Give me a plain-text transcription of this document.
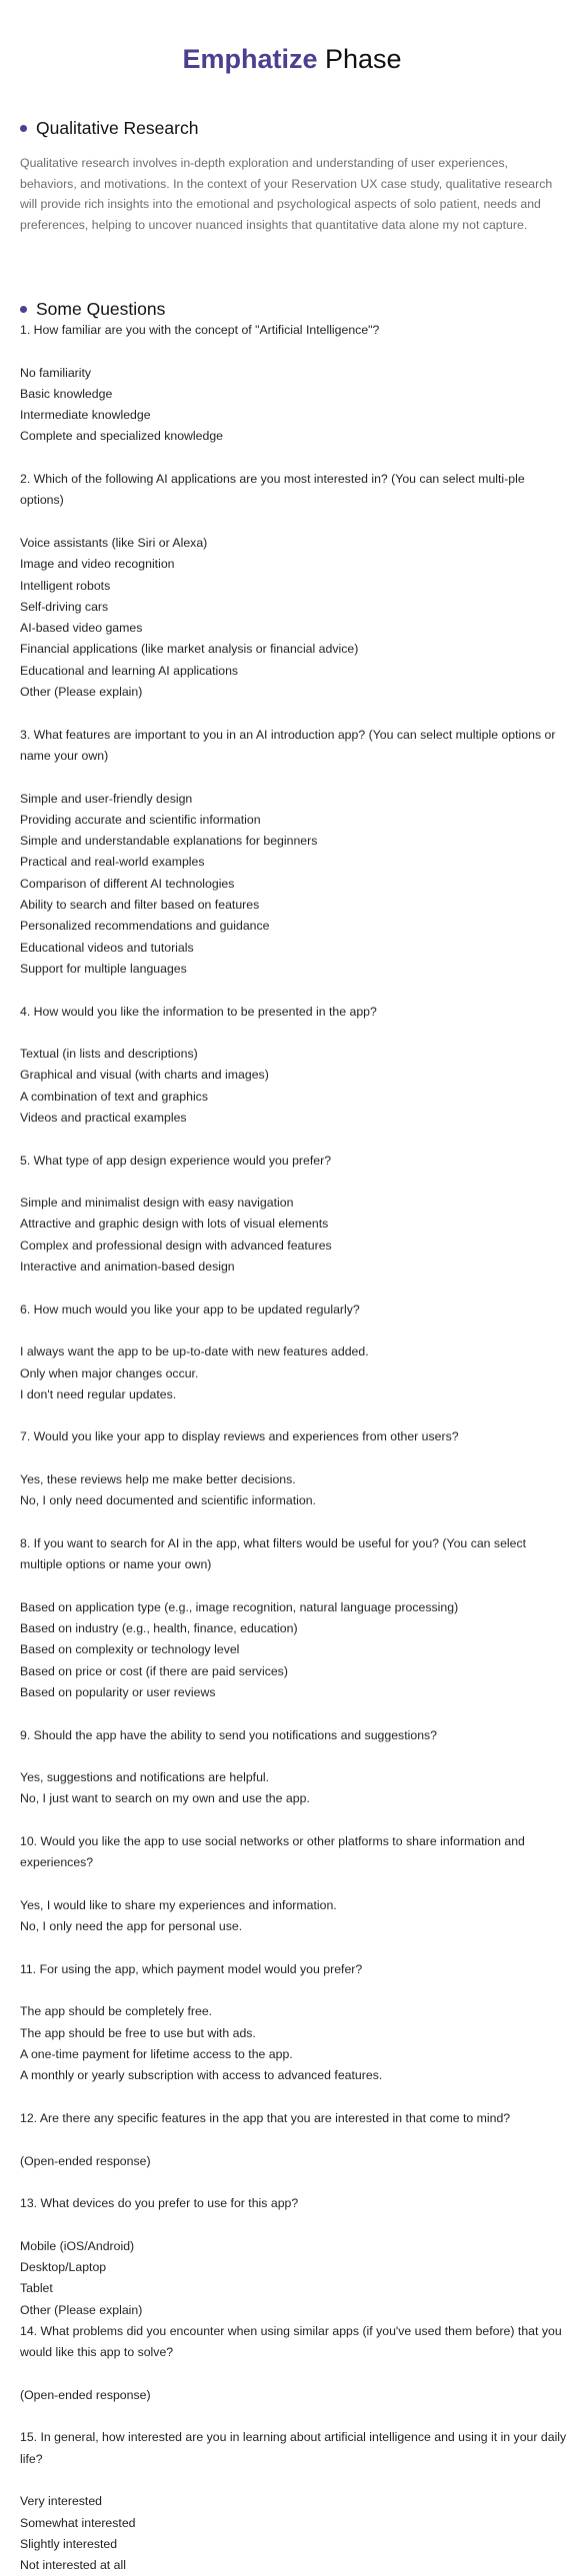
Emphatize Phase
Qualitative Research

Qualitative research involves in-depth exploration and understanding of user experiences, behaviors, and motivations. In the context of your Reservation UX case study, qualitative research will provide rich insights into the emotional and psychological aspects of solo patient, needs and preferences, helping to uncover nuanced insights that quantitative data alone my not capture.

Some Questions
1. How familiar are you with the concept of "Artificial Intelligence"?
No familiarity
Basic knowledge
Intermediate knowledge
Complete and specialized knowledge
2. Which of the following AI applications are you most interested in? (You can select multi-ple options)
Voice assistants (like Siri or Alexa)
Image and video recognition
Intelligent robots
Self-driving cars
AI-based video games
Financial applications (like market analysis or financial advice)
Educational and learning AI applications
Other (Please explain)
3. What features are important to you in an AI introduction app? (You can select multiple options or name your own)
Simple and user-friendly design
Providing accurate and scientific information
Simple and understandable explanations for beginners
Practical and real-world examples
Comparison of different AI technologies
Ability to search and filter based on features
Personalized recommendations and guidance
Educational videos and tutorials
Support for multiple languages
4. How would you like the information to be presented in the app?
Textual (in lists and descriptions)
Graphical and visual (with charts and images)
A combination of text and graphics
Videos and practical examples
5. What type of app design experience would you prefer?
Simple and minimalist design with easy navigation
Attractive and graphic design with lots of visual elements
Complex and professional design with advanced features
Interactive and animation-based design
6. How much would you like your app to be updated regularly?
I always want the app to be up-to-date with new features added.
Only when major changes occur.
I don't need regular updates.
7. Would you like your app to display reviews and experiences from other users?
Yes, these reviews help me make better decisions.
No, I only need documented and scientific information.
8. If you want to search for AI in the app, what filters would be useful for you? (You can select multiple options or name your own)
Based on application type (e.g., image recognition, natural language processing)
Based on industry (e.g., health, finance, education)
Based on complexity or technology level
Based on price or cost (if there are paid services)
Based on popularity or user reviews
9. Should the app have the ability to send you notifications and suggestions?
Yes, suggestions and notifications are helpful.
No, I just want to search on my own and use the app.
10. Would you like the app to use social networks or other platforms to share information and experiences?
Yes, I would like to share my experiences and information.
No, I only need the app for personal use.
11. For using the app, which payment model would you prefer?
The app should be completely free.
The app should be free to use but with ads.
A one-time payment for lifetime access to the app.
A monthly or yearly subscription with access to advanced features.
12. Are there any specific features in the app that you are interested in that come to mind?
(Open-ended response)
13. What devices do you prefer to use for this app?
Mobile (iOS/Android)
Desktop/Laptop
Tablet
Other (Please explain)
14. What problems did you encounter when using similar apps (if you've used them before) that you would like this app to solve?
(Open-ended response)
15. In general, how interested are you in learning about artificial intelligence and using it in your daily life?
Very interested
Somewhat interested
Slightly interested
Not interested at all
